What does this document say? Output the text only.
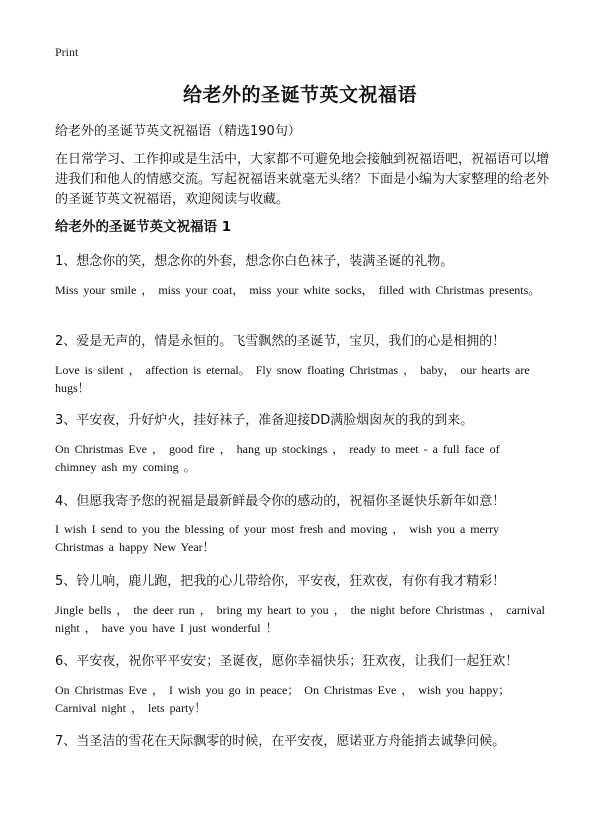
Print
给老外的圣诞节英文祝福语
给老外的圣诞节英文祝福语（精选190句）
在日常学习、工作抑或是生活中，大家都不可避免地会接触到祝福语吧，祝福语可以增进我们和他人的情感交流。写起祝福语来就毫无头绪？下面是小编为大家整理的给老外的圣诞节英文祝福语，欢迎阅读与收藏。
给老外的圣诞节英文祝福语 1
1、想念你的笑，想念你的外套，想念你白色袜子，装满圣诞的礼物。
Miss your smile ， miss your coat， miss your white socks， filled with Christmas presents。
2、爱是无声的，情是永恒的。飞雪飘然的圣诞节，宝贝，我们的心是相拥的！
Love is silent ， affection is eternal。 Fly snow floating Christmas ， baby， our hearts are hugs！
3、平安夜，升好炉火，挂好袜子，准备迎接DD满脸烟囱灰的我的到来。
On Christmas Eve ， good fire ， hang up stockings ， ready to meet - a full face of chimney ash my coming 。
4、但愿我寄予您的祝福是最新鲜最令你的感动的，祝福你圣诞快乐新年如意！
I wish I send to you the blessing of your most fresh and moving ， wish you a merry Christmas a happy New Year！
5、铃儿响，鹿儿跑，把我的心儿带给你，平安夜，狂欢夜，有你有我才精彩！
Jingle bells ， the deer run ， bring my heart to you ， the night before Christmas ， carnival night ， have you have I just wonderful ！
6、平安夜，祝你平平安安；圣诞夜，愿你幸福快乐；狂欢夜，让我们一起狂欢！
On Christmas Eve ， I wish you go in peace； On Christmas Eve ， wish you happy； Carnival night ， lets party！
7、当圣洁的雪花在天际飘零的时候，在平安夜，愿诺亚方舟能捎去诚挚问候。
